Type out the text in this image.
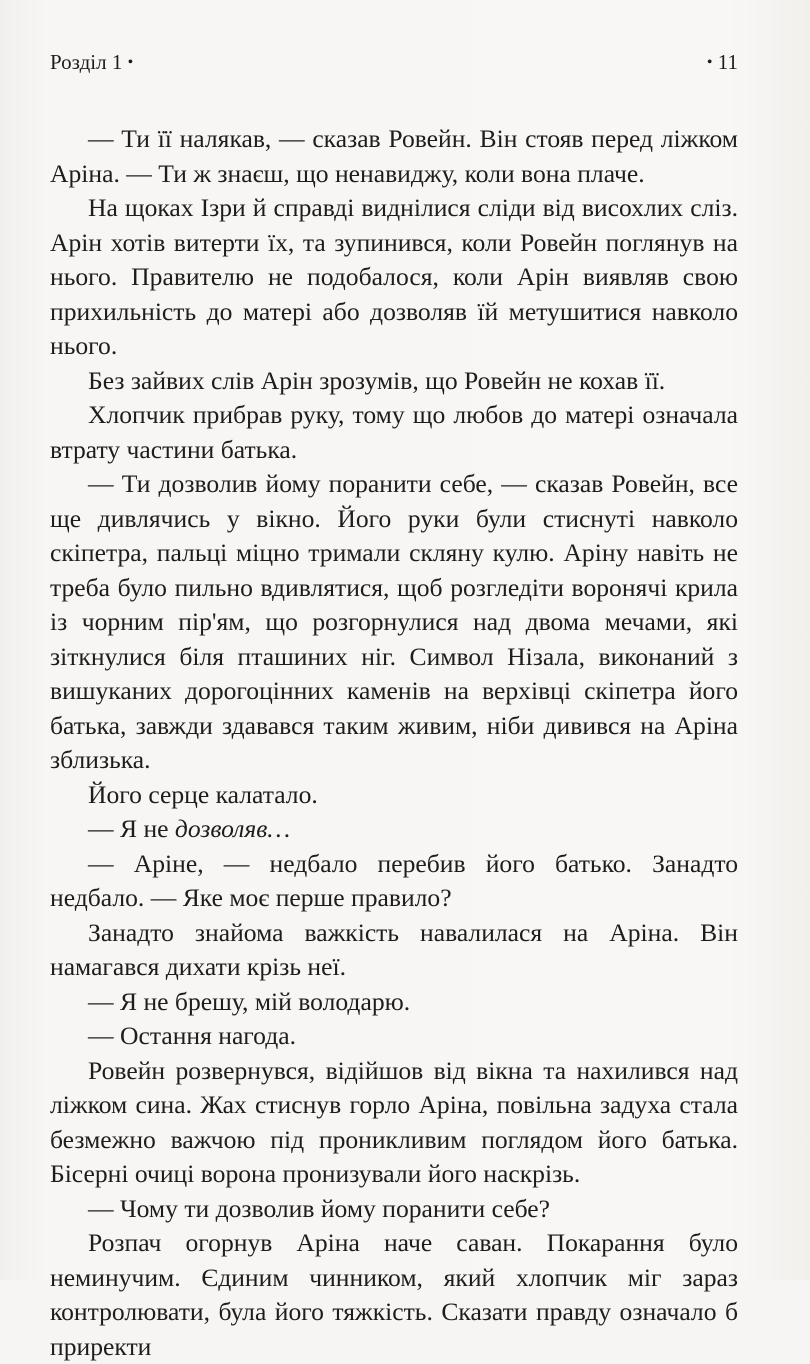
Розділ 1 •	• 11

— Ти її налякав, — сказав Ровейн. Він стояв перед ліжком Аріна. — Ти ж знаєш, що ненавиджу, коли вона плаче.

На щоках Ізри й справді виднілися сліди від висохлих сліз. Арін хотів витерти їх, та зупинився, коли Ровейн поглянув на нього. Правителю не подобалося, коли Арін виявляв свою прихильність до матері або дозволяв їй метушитися навколо нього.

Без зайвих слів Арін зрозумів, що Ровейн не кохав її.

Хлопчик прибрав руку, тому що любов до матері означала втрату частини батька.

— Ти дозволив йому поранити себе, — сказав Ровейн, все ще дивлячись у вікно. Його руки були стиснуті навколо скіпетра, пальці міцно тримали скляну кулю. Аріну навіть не треба було пильно вдивлятися, щоб розгледіти воронячі крила із чорним пір'ям, що розгорнулися над двома мечами, які зіткнулися біля пташиних ніг. Символ Нізала, виконаний з вишуканих дорогоцінних каменів на верхівці скіпетра його батька, завжди здавався таким живим, ніби дивився на Аріна зблизька.

Його серце калатало.

— Я не дозволяв…

— Аріне, — недбало перебив його батько. Занадто недбало. — Яке моє перше правило?

Занадто знайома важкість навалилася на Аріна. Він намагався дихати крізь неї.

— Я не брешу, мій володарю.

— Остання нагода.

Ровейн розвернувся, відійшов від вікна та нахилився над ліжком сина. Жах стиснув горло Аріна, повільна задуха стала безмежно важчою під проникливим поглядом його батька. Бісерні очиці ворона пронизували його наскрізь.

— Чому ти дозволив йому поранити себе?

Розпач огорнув Аріна наче саван. Покарання було неминучим. Єдиним чинником, який хлопчик міг зараз контролювати, була його тяжкість. Сказати правду означало б приректи
